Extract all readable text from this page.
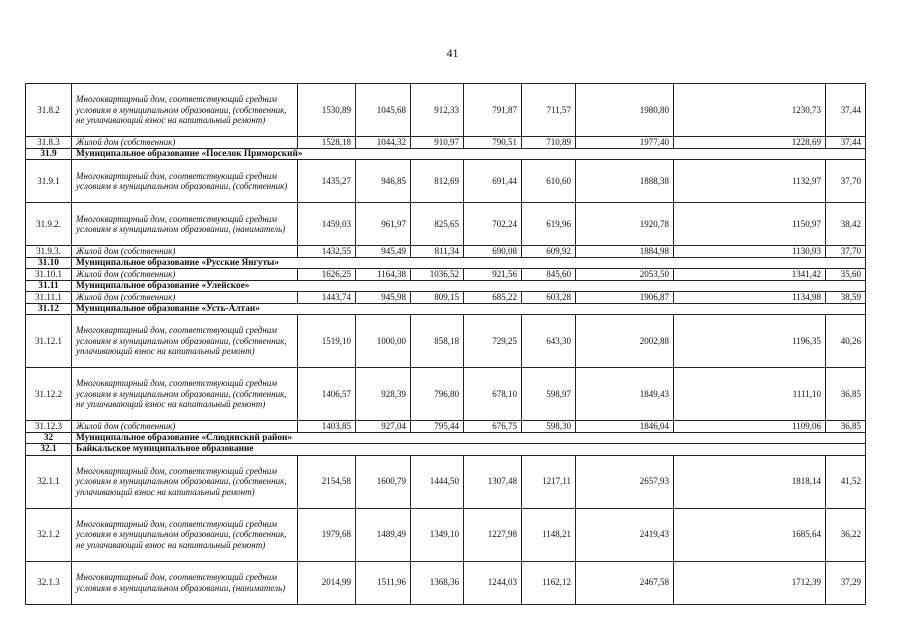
41
31.8.2	Многоквартирный дом, соответствующий средним условиям в муниципальном образовании, (собственник, не уплачивающий взнос на капитальный ремонт)	1530,89	1045,68	912,33	791,87	711,57	1980,80	1230,73	37,44
31.8.3	Жилой дом (собственник)	1528,18	1044,32	910,97	790,51	710,89	1977,40	1228,69	37,44
31.9	Муниципальное образование «Поселок Приморский»								
31.9.1	Многоквартирный дом, соответствующий средним условиям в муниципальном образовании, (собственник)	1435,27	946,85	812,69	691,44	610,60	1888,38	1132,97	37,70
31.9.2.	Многоквартирный дом, соответствующий средним условиям в муниципальном образовании, (наниматель)	1459,03	961,97	825,65	702,24	619,96	1920,78	1150,97	38,42
31.9.3.	Жилой дом (собственник)	1432,55	945,49	811,34	690,08	609,92	1884,98	1130,93	37,70
31.10	Муниципальное образование «Русские Янгуты»								
31.10.1	Жилой дом (собственник)	1626,25	1164,38	1036,52	921,56	845,60	2053,50	1341,42	35,60
31.11	Муниципальное образование «Улейское»								
31.11.1	Жилой дом (собственник)	1443,74	945,98	809,15	685,22	603,28	1906,87	1134,98	38,59
31.12	Муниципальное образование «Усть-Алтан»								
31.12.1	Многоквартирный дом, соответствующий средним условиям в муниципальном образовании, (собственник, уплачивающий взнос на капитальный ремонт)	1519,10	1000,00	858,18	729,25	643,30	2002,88	1196,35	40,26
31.12.2	Многоквартирный дом, соответствующий средним условиям в муниципальном образовании, (собственник, не уплачивающий взнос на капитальный ремонт)	1406,57	928,39	796,80	678,10	598,97	1849,43	1111,10	36,85
31.12.3	Жилой дом (собственник)	1403,85	927,04	795,44	676,75	598,30	1846,04	1109,06	36,85
32	Муниципальное образование «Слюдянский район»								
32.1	Байкальское муниципальное образование								
32.1.1	Многоквартирный дом, соответствующий средним условиям в муниципальном образовании, (собственник, уплачивающий взнос на капитальный ремонт)	2154,58	1600,79	1444,50	1307,48	1217,11	2657,93	1818,14	41,52
32.1.2	Многоквартирный дом, соответствующий средним условиям в муниципальном образовании, (собственник, не уплачивающий взнос на капитальный ремонт)	1979,68	1489,49	1349,10	1227,98	1148,21	2419,43	1685,64	36,22
32.1.3	Многоквартирный дом, соответствующий средним условиям в муниципальном образовании, (наниматель)	2014,99	1511,96	1368,36	1244,03	1162,12	2467,58	1712,39	37,29
